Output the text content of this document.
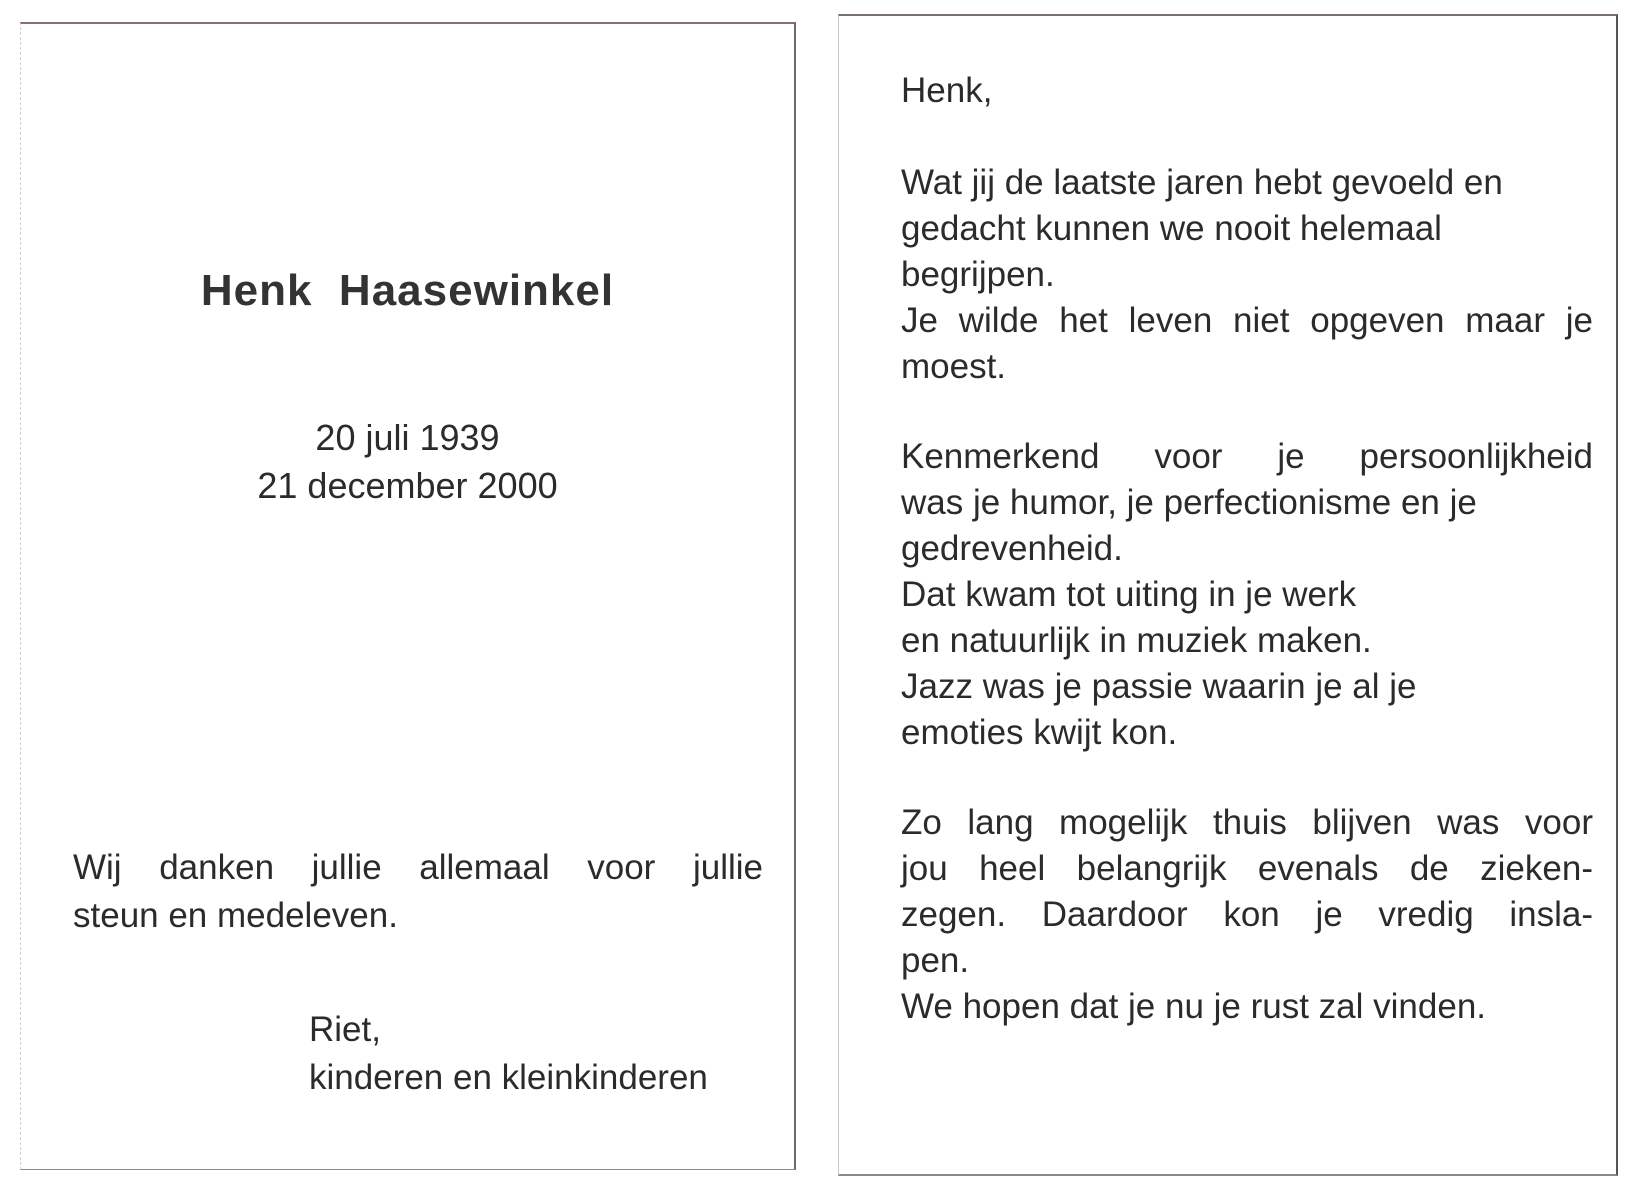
Henk  Haasewinkel
20 juli 1939
21 december 2000
Wij danken jullie allemaal voor jullie
steun en medeleven.
Riet,
kinderen en kleinkinderen
Henk,
Wat jij de laatste jaren hebt gevoeld en
gedacht kunnen we nooit helemaal
begrijpen.
Je wilde het leven niet opgeven maar je
moest.
Kenmerkend voor je persoonlijkheid
was je humor, je perfectionisme en je
gedrevenheid.
Dat kwam tot uiting in je werk
en natuurlijk in muziek maken.
Jazz was je passie waarin je al je
emoties kwijt kon.
Zo lang mogelijk thuis blijven was voor
jou heel belangrijk evenals de zieken-
zegen. Daardoor kon je vredig insla-
pen.
We hopen dat je nu je rust zal vinden.
